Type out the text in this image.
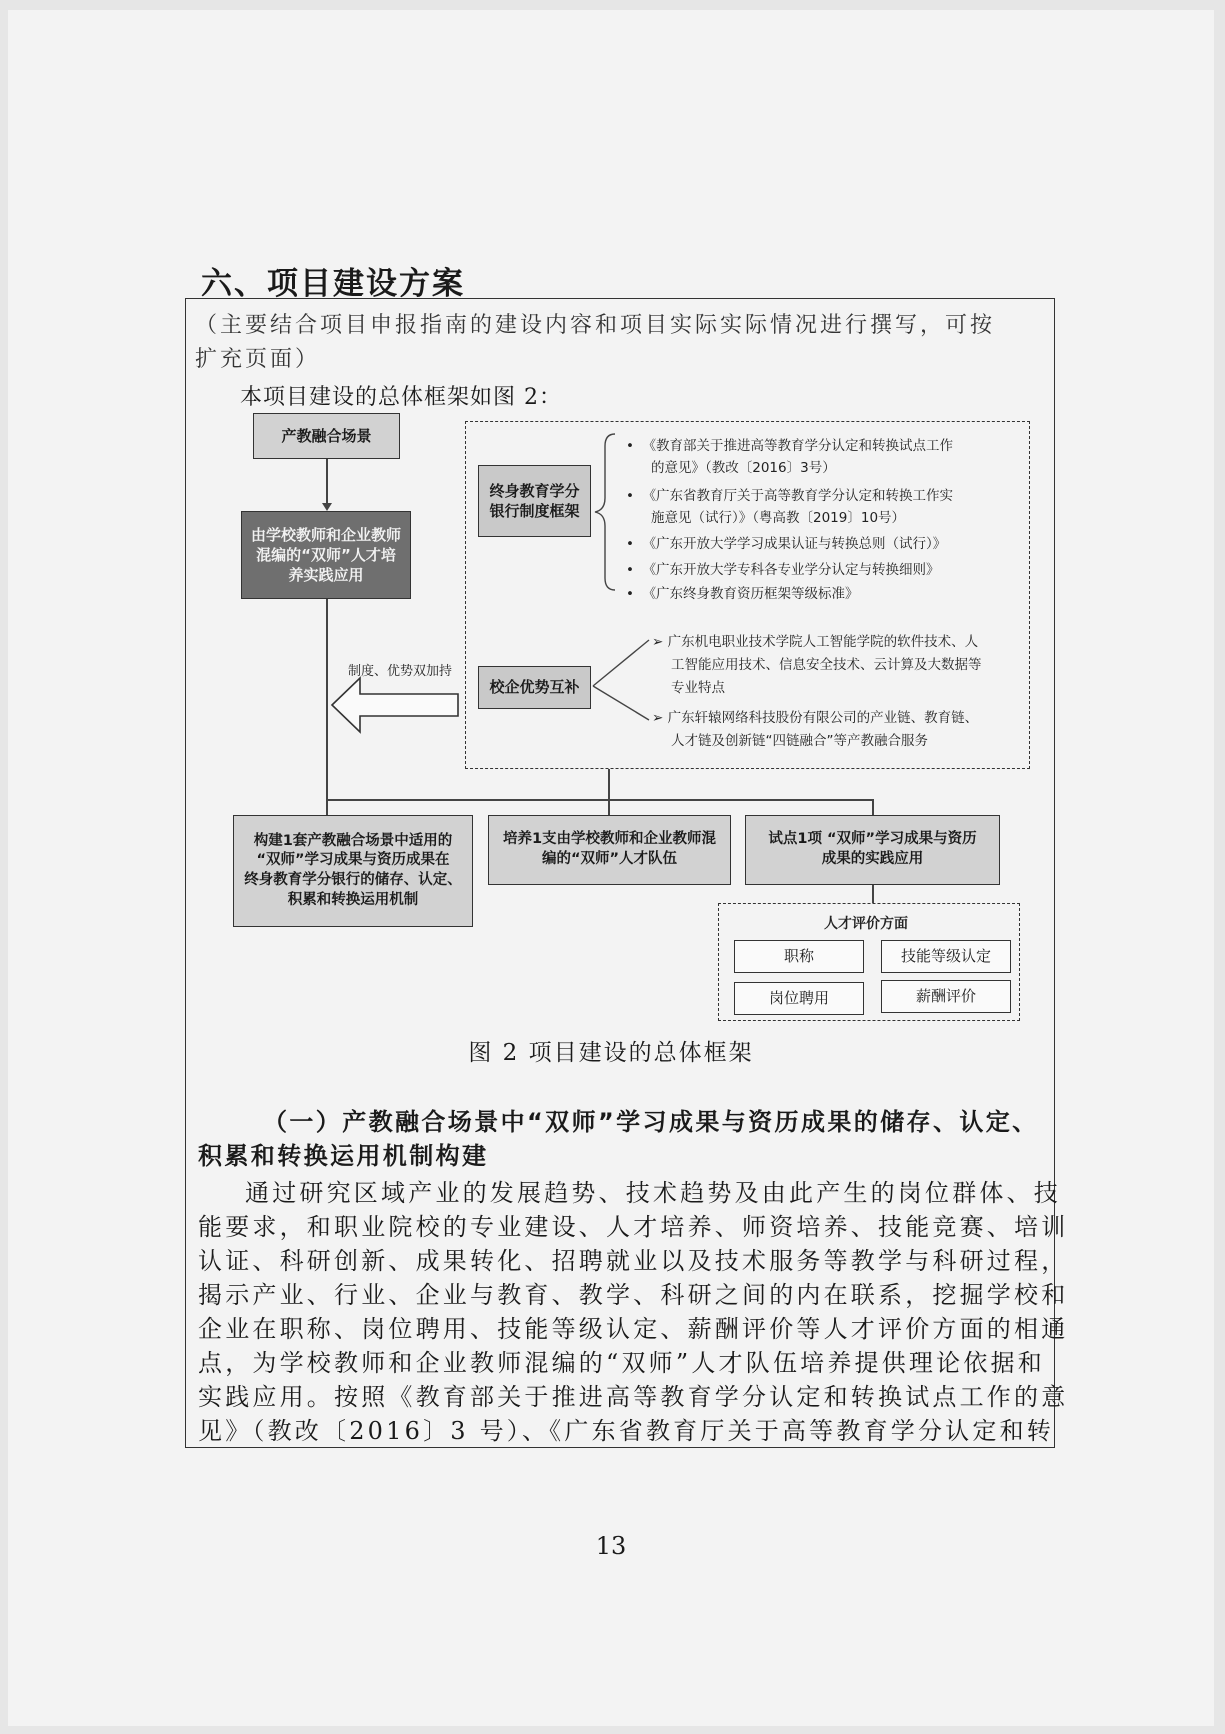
六、项目建设方案
（主要结合项目申报指南的建设内容和项目实际实际情况进行撰写，可按
扩充页面）
本项目建设的总体框架如图 2：
产教融合场景
由学校教师和企业教师
混编的“双师”人才培
养实践应用
终身教育学分
银行制度框架
• 《教育部关于推进高等教育学分认定和转换试点工作
的意见》（教改〔2016〕3号）
• 《广东省教育厅关于高等教育学分认定和转换工作实
施意见（试行）》（粤高教〔2019〕10号）
• 《广东开放大学学习成果认证与转换总则（试行）》
• 《广东开放大学专科各专业学分认定与转换细则》
• 《广东终身教育资历框架等级标准》
校企优势互补
➢ 广东机电职业技术学院人工智能学院的软件技术、人
工智能应用技术、信息安全技术、云计算及大数据等
专业特点
➢ 广东轩辕网络科技股份有限公司的产业链、教育链、
人才链及创新链“四链融合”等产教融合服务
制度、优势双加持
构建1套产教融合场景中适用的
“双师”学习成果与资历成果在
终身教育学分银行的储存、认定、
积累和转换运用机制
培养1支由学校教师和企业教师混
编的“双师”人才队伍
试点1项 “双师”学习成果与资历
成果的实践应用
人才评价方面
职称	技能等级认定
岗位聘用	薪酬评价
图 2 项目建设的总体框架
（一）产教融合场景中“双师”学习成果与资历成果的储存、认定、
积累和转换运用机制构建
通过研究区域产业的发展趋势、技术趋势及由此产生的岗位群体、技
能要求，和职业院校的专业建设、人才培养、师资培养、技能竞赛、培训
认证、科研创新、成果转化、招聘就业以及技术服务等教学与科研过程，
揭示产业、行业、企业与教育、教学、科研之间的内在联系，挖掘学校和
企业在职称、岗位聘用、技能等级认定、薪酬评价等人才评价方面的相通
点，为学校教师和企业教师混编的“双师”人才队伍培养提供理论依据和
实践应用。按照《教育部关于推进高等教育学分认定和转换试点工作的意
见》（教改〔2016〕3 号）、《广东省教育厅关于高等教育学分认定和转
13
